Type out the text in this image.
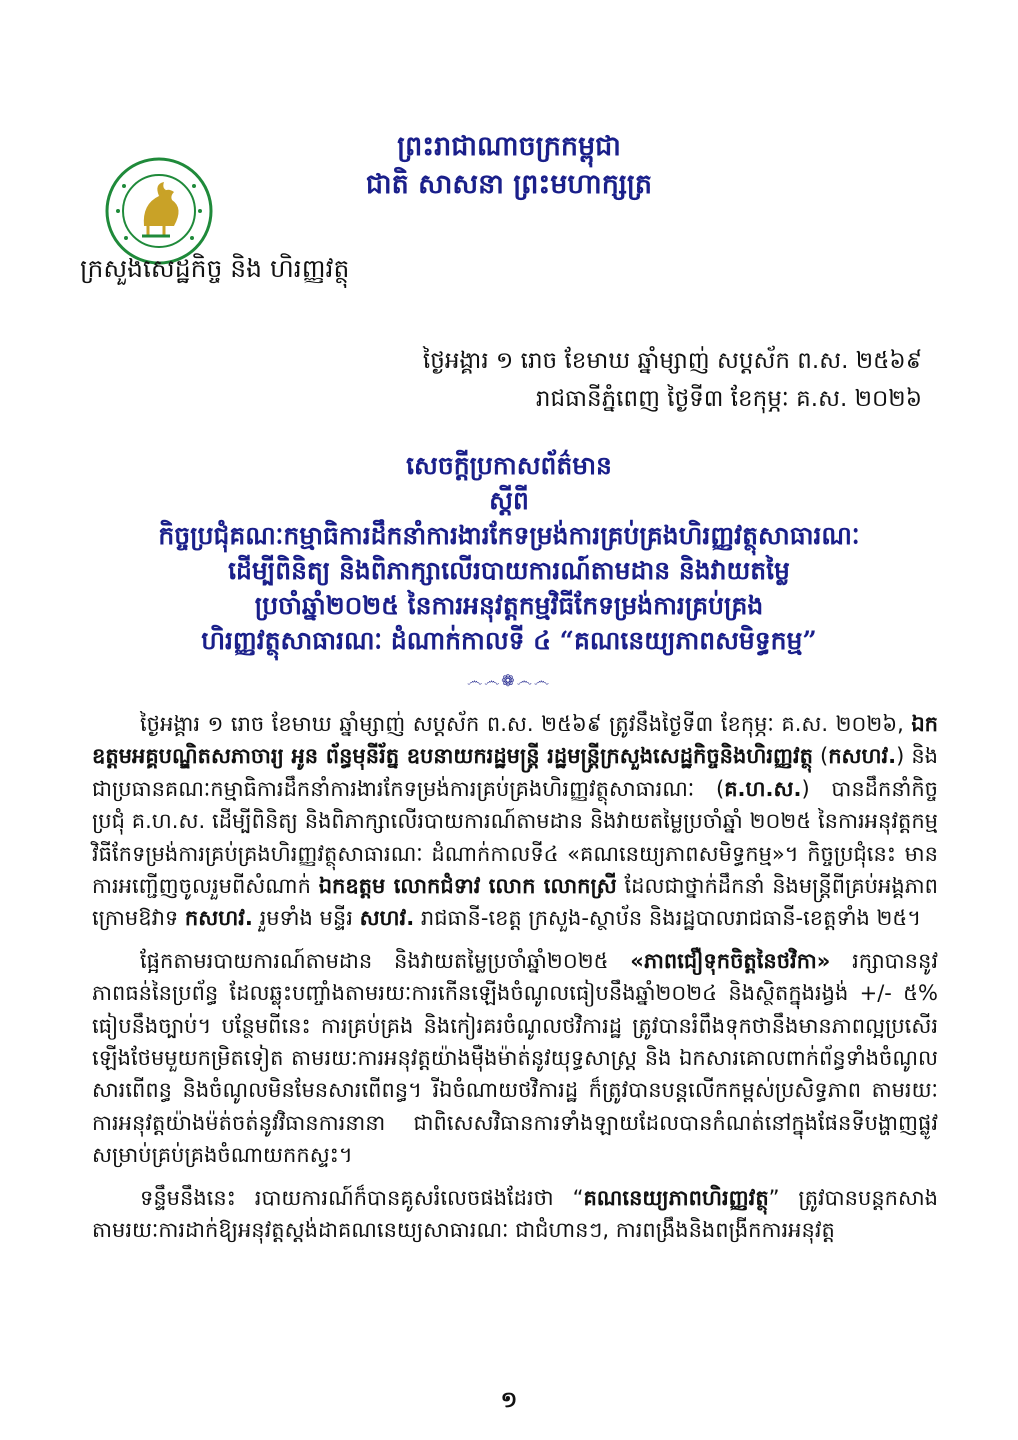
ព្រះរាជាណាចក្រកម្ពុជា
ជាតិ សាសនា ព្រះមហាក្សត្រ
ក្រសួងសេដ្ឋកិច្ច និង ហិរញ្ញវត្ថុ
ថ្ងៃអង្គារ ១ រោច ខែមាឃ ឆ្នាំម្សាញ់ សប្តស័ក ព.ស. ២៥៦៩
រាជធានីភ្នំពេញ ថ្ងៃទី៣ ខែកុម្ភៈ គ.ស. ២០២៦
សេចក្តីប្រកាសព័ត៌មាន
ស្តីពី
កិច្ចប្រជុំគណៈកម្មាធិការដឹកនាំការងារកែទម្រង់ការគ្រប់គ្រងហិរញ្ញវត្ថុសាធារណៈ
ដើម្បីពិនិត្យ និងពិភាក្សាលើរបាយការណ៍តាមដាន និងវាយតម្លៃ
ប្រចាំឆ្នាំ២០២៥ នៃការអនុវត្តកម្មវិធីកែទម្រង់ការគ្រប់គ្រង
ហិរញ្ញវត្ថុសាធារណៈ ដំណាក់កាលទី ៤ “គណនេយ្យភាពសមិទ្ធកម្ម”
෴෴❁෴෴

ថ្ងៃអង្គារ ១ រោច ខែមាឃ ឆ្នាំម្សាញ់ សប្តស័ក ព.ស. ២៥៦៩ ត្រូវនឹងថ្ងៃទី៣ ខែកុម្ភៈ គ.ស. ២០២៦, ឯកឧត្តមអគ្គបណ្ឌិតសភាចារ្យ អូន ព័ន្ធមុនីរ័ត្ន ឧបនាយករដ្ឋមន្ត្រី រដ្ឋមន្ត្រីក្រសួងសេដ្ឋកិច្ចនិងហិរញ្ញវត្ថុ (កសហវ.) និងជាប្រធានគណៈកម្មាធិការដឹកនាំការងារកែទម្រង់ការគ្រប់គ្រងហិរញ្ញវត្ថុសាធារណៈ (គ.ហ.ស.) បានដឹកនាំកិច្ចប្រជុំ គ.ហ.ស. ដើម្បីពិនិត្យ និងពិភាក្សាលើរបាយការណ៍តាមដាន និងវាយតម្លៃប្រចាំឆ្នាំ ២០២៥ នៃការអនុវត្តកម្មវិធីកែទម្រង់ការគ្រប់គ្រងហិរញ្ញវត្ថុសាធារណៈ ដំណាក់កាលទី៤ «គណនេយ្យភាពសមិទ្ធកម្ម»។ កិច្ចប្រជុំនេះ មានការអញ្ជើញចូលរួមពីសំណាក់ ឯកឧត្តម លោកជំទាវ លោក លោកស្រី ដែលជាថ្នាក់ដឹកនាំ និងមន្ត្រីពីគ្រប់អង្គភាពក្រោមឱវាទ កសហវ. រួមទាំង មន្ទីរ សហវ. រាជធានី-ខេត្ត ក្រសួង-ស្ថាប័ន និងរដ្ឋបាលរាជធានី-ខេត្តទាំង ២៥។

ផ្អែកតាមរបាយការណ៍តាមដាន និងវាយតម្លៃប្រចាំឆ្នាំ២០២៥ «ភាពជឿទុកចិត្តនៃថវិកា» រក្សាបាននូវភាពធន់នៃប្រព័ន្ធ ដែលឆ្លុះបញ្ចាំងតាមរយៈការកើនឡើងចំណូលធៀបនឹងឆ្នាំ២០២៤ និងស្ថិតក្នុងរង្វង់ +/- ៥% ធៀបនឹងច្បាប់។ បន្ថែមពីនេះ ការគ្រប់គ្រង និងកៀរគរចំណូលថវិការដ្ឋ ត្រូវបានរំពឹងទុកថានឹងមានភាពល្អប្រសើរឡើងថែមមួយកម្រិតទៀត តាមរយៈការអនុវត្តយ៉ាងម៉ឺងម៉ាត់នូវយុទ្ធសាស្ត្រ និង ឯកសារគោលពាក់ព័ន្ធទាំងចំណូលសារពើពន្ធ និងចំណូលមិនមែនសារពើពន្ធ។ រីឯចំណាយថវិការដ្ឋ ក៏ត្រូវបានបន្តលើកកម្ពស់ប្រសិទ្ធភាព តាមរយៈការអនុវត្តយ៉ាងម៉ត់ចត់នូវវិធានការនានា ជាពិសេសវិធានការទាំងឡាយដែលបានកំណត់នៅក្នុងផែនទីបង្ហាញផ្លូវសម្រាប់គ្រប់គ្រងចំណាយកកស្ទះ។

ទន្ទឹមនឹងនេះ របាយការណ៍ក៏បានគូសរំលេចផងដែរថា “គណនេយ្យភាពហិរញ្ញវត្ថុ” ត្រូវបានបន្តកសាងតាមរយៈការដាក់ឱ្យអនុវត្តស្តង់ដាគណនេយ្យសាធារណៈ ជាជំហានៗ, ការពង្រឹងនិងពង្រីកការអនុវត្ត

១
